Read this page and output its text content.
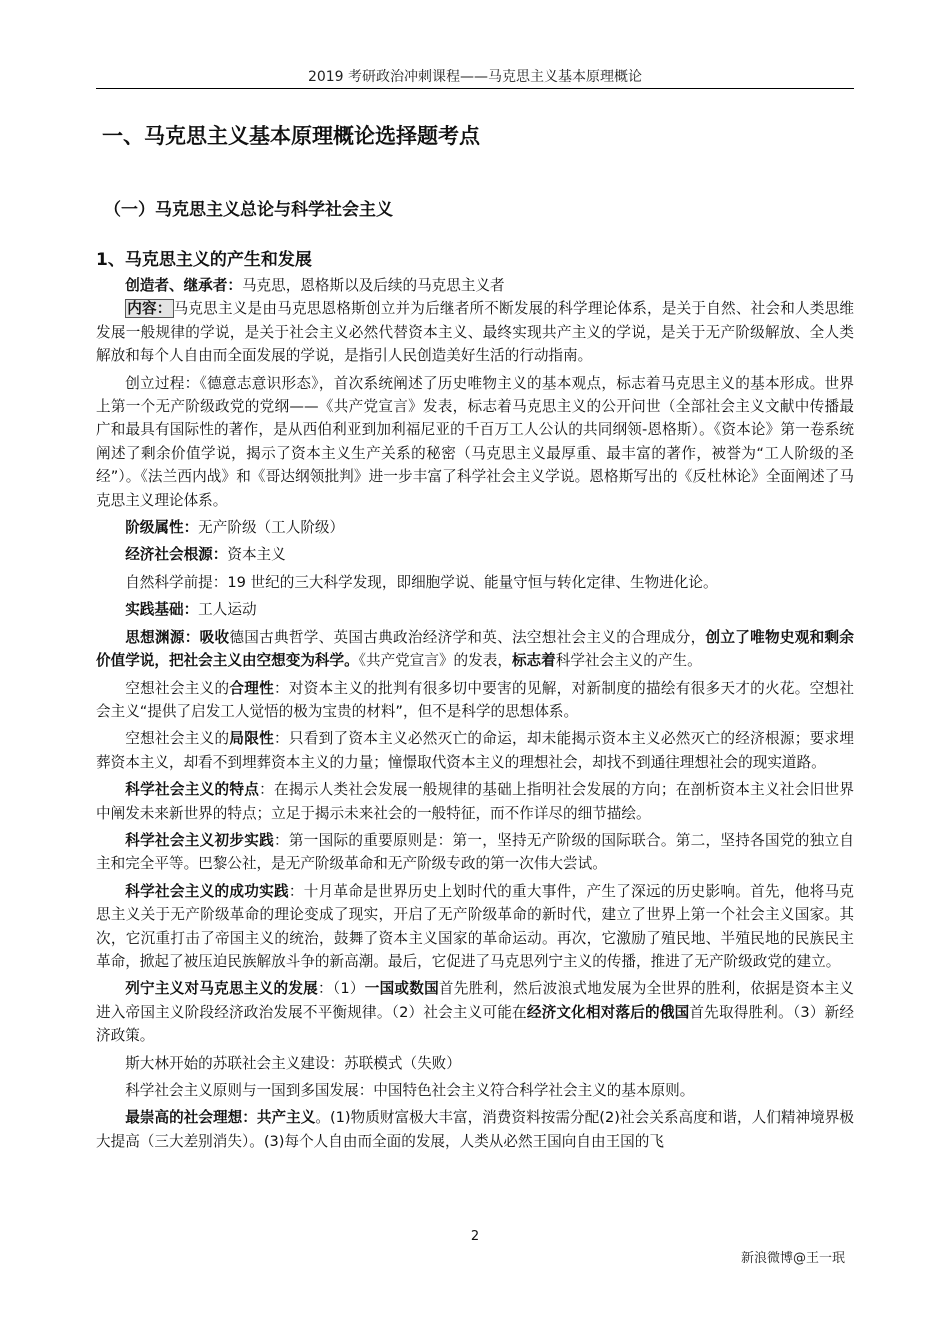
2019 考研政治冲刺课程——马克思主义基本原理概论
一、马克思主义基本原理概论选择题考点
（一）马克思主义总论与科学社会主义
1、马克思主义的产生和发展

创造者、继承者：马克思，恩格斯以及后续的马克思主义者

内容： 马克思主义是由马克思恩格斯创立并为后继者所不断发展的科学理论体系，是关于自然、社会和人类思维发展一般规律的学说，是关于社会主义必然代替资本主义、最终实现共产主义的学说，是关于无产阶级解放、全人类解放和每个人自由而全面发展的学说，是指引人民创造美好生活的行动指南。

创立过程：《德意志意识形态》，首次系统阐述了历史唯物主义的基本观点，标志着马克思主义的基本形成。世界上第一个无产阶级政党的党纲——《共产党宣言》发表，标志着马克思主义的公开问世（全部社会主义文献中传播最广和最具有国际性的著作，是从西伯利亚到加利福尼亚的千百万工人公认的共同纲领-恩格斯）。《资本论》第一卷系统阐述了剩余价值学说，揭示了资本主义生产关系的秘密（马克思主义最厚重、最丰富的著作，被誉为“工人阶级的圣经”）。《法兰西内战》和《哥达纲领批判》进一步丰富了科学社会主义学说。恩格斯写出的《反杜林论》全面阐述了马克思主义理论体系。

阶级属性：无产阶级（工人阶级）

经济社会根源：资本主义

自然科学前提：19 世纪的三大科学发现，即细胞学说、能量守恒与转化定律、生物进化论。

实践基础：工人运动

思想渊源：吸收德国古典哲学、英国古典政治经济学和英、法空想社会主义的合理成分，创立了唯物史观和剩余价值学说，把社会主义由空想变为科学。《共产党宣言》的发表，标志着科学社会主义的产生。

空想社会主义的合理性：对资本主义的批判有很多切中要害的见解，对新制度的描绘有很多天才的火花。空想社会主义“提供了启发工人觉悟的极为宝贵的材料”，但不是科学的思想体系。

空想社会主义的局限性：只看到了资本主义必然灭亡的命运，却未能揭示资本主义必然灭亡的经济根源；要求埋葬资本主义，却看不到埋葬资本主义的力量；憧憬取代资本主义的理想社会，却找不到通往理想社会的现实道路。

科学社会主义的特点：在揭示人类社会发展一般规律的基础上指明社会发展的方向；在剖析资本主义社会旧世界中阐发未来新世界的特点；立足于揭示未来社会的一般特征，而不作详尽的细节描绘。

科学社会主义初步实践：第一国际的重要原则是：第一，坚持无产阶级的国际联合。第二，坚持各国党的独立自主和完全平等。巴黎公社，是无产阶级革命和无产阶级专政的第一次伟大尝试。

科学社会主义的成功实践：十月革命是世界历史上划时代的重大事件，产生了深远的历史影响。首先，他将马克思主义关于无产阶级革命的理论变成了现实，开启了无产阶级革命的新时代，建立了世界上第一个社会主义国家。其次，它沉重打击了帝国主义的统治，鼓舞了资本主义国家的革命运动。再次，它激励了殖民地、半殖民地的民族民主革命，掀起了被压迫民族解放斗争的新高潮。最后，它促进了马克思列宁主义的传播，推进了无产阶级政党的建立。

列宁主义对马克思主义的发展：（1）一国或数国首先胜利，然后波浪式地发展为全世界的胜利，依据是资本主义进入帝国主义阶段经济政治发展不平衡规律。（2）社会主义可能在经济文化相对落后的俄国首先取得胜利。（3）新经济政策。

斯大林开始的苏联社会主义建设：苏联模式（失败）

科学社会主义原则与一国到多国发展：中国特色社会主义符合科学社会主义的基本原则。

最崇高的社会理想：共产主义。(1)物质财富极大丰富，消费资料按需分配(2)社会关系高度和谐，人们精神境界极大提高（三大差别消失）。(3)每个人自由而全面的发展，人类从必然王国向自由王国的飞

2
新浪微博@王一珉
